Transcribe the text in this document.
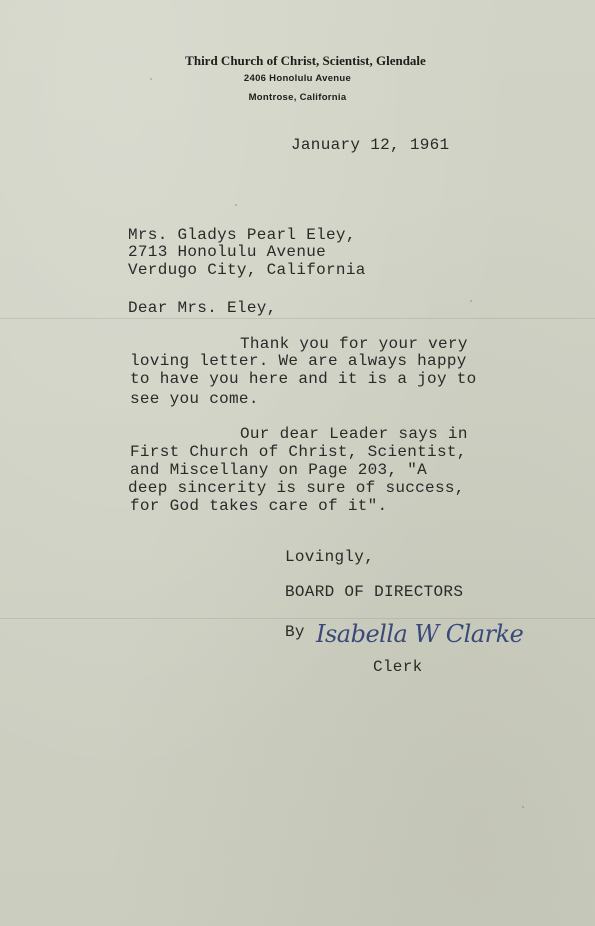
Third Church of Christ, Scientist, Glendale
2406 Honolulu Avenue
Montrose, California
January 12, 1961
Mrs. Gladys Pearl Eley,
2713 Honolulu Avenue
Verdugo City, California
Dear Mrs. Eley,
Thank you for your very
loving letter. We are always happy
to have you here and it is a joy to
see you come.
Our dear Leader says in
First Church of Christ, Scientist,
and Miscellany on Page 203, "A
deep sincerity is sure of success,
for God takes care of it".
Lovingly,
BOARD OF DIRECTORS
By Isabella W Clarke
Clerk
